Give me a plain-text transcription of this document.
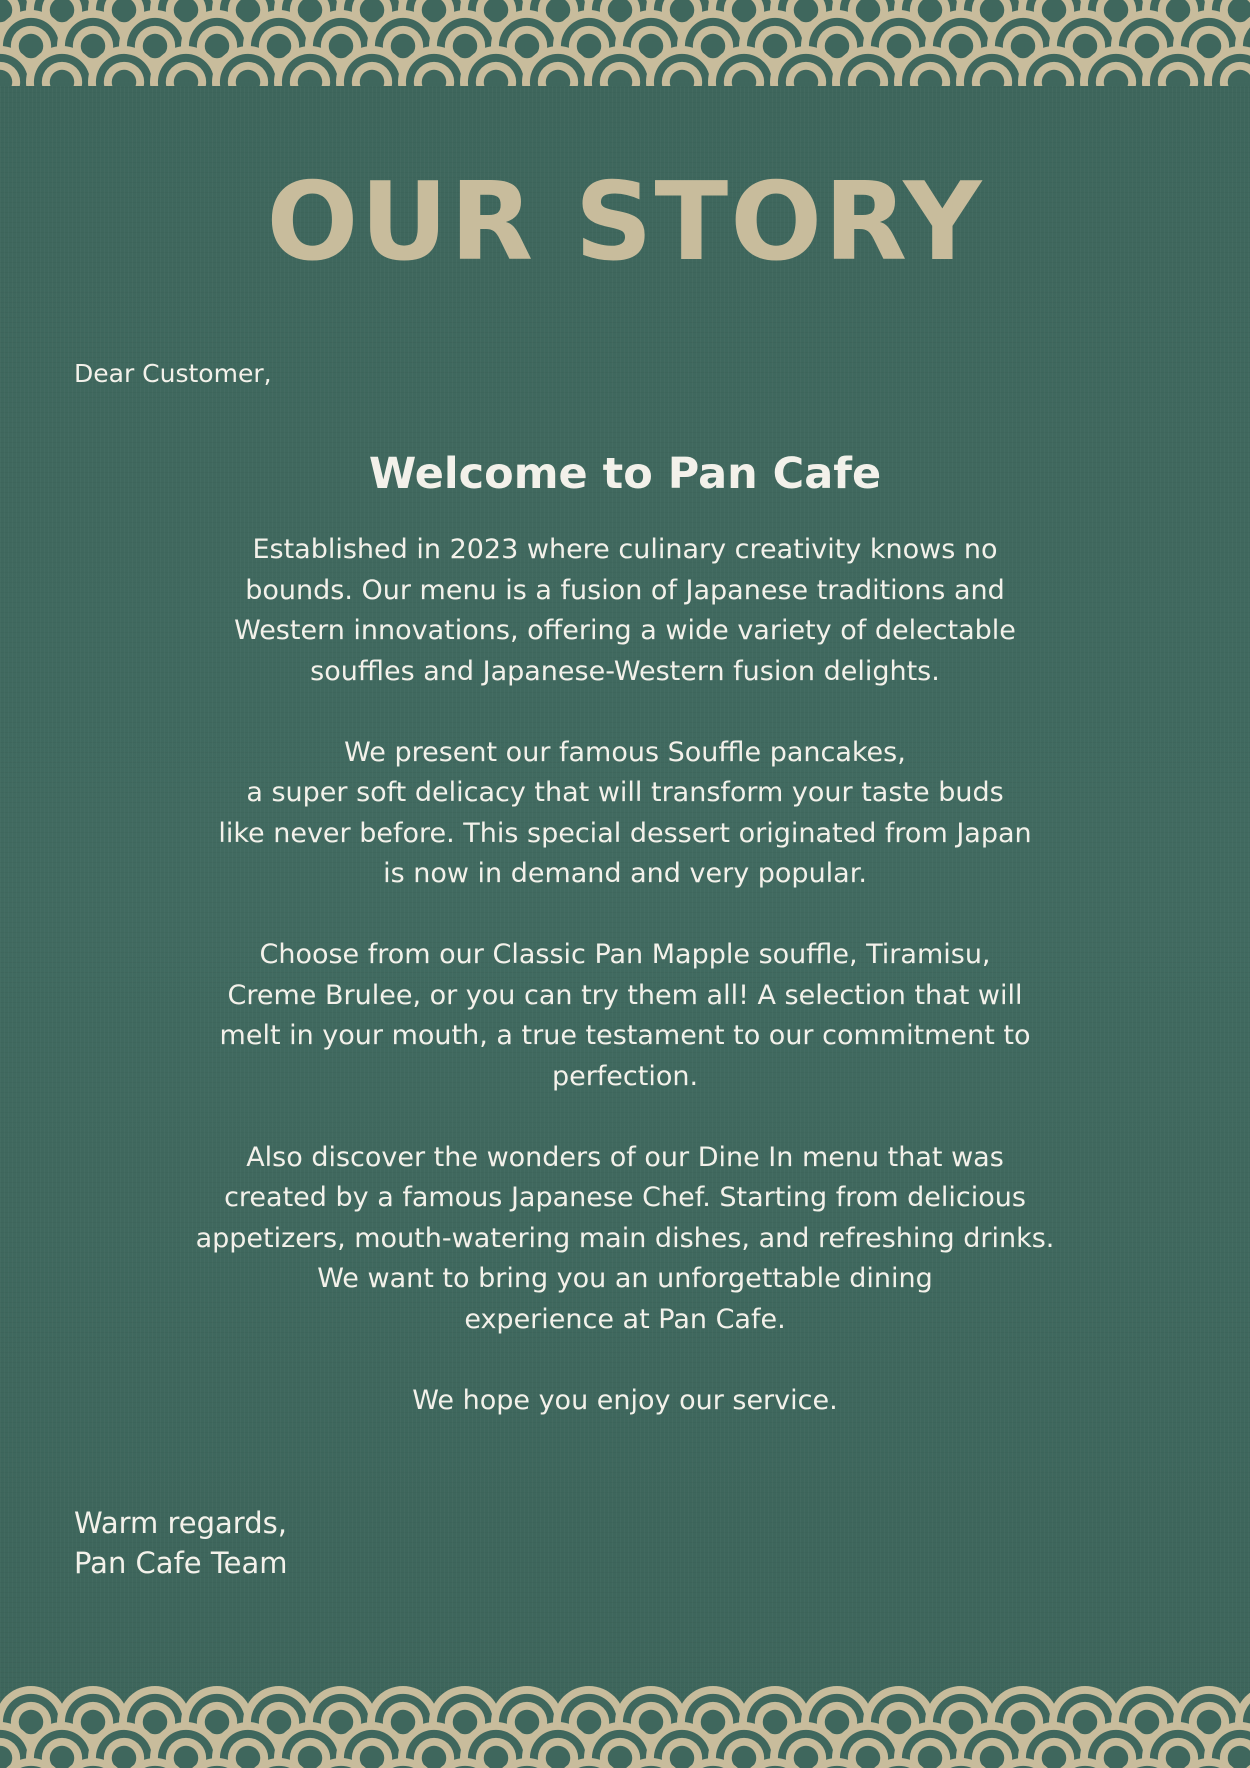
OUR STORY

Dear Customer,

Welcome to Pan Cafe

Established in 2023 where culinary creativity knows no
bounds. Our menu is a fusion of Japanese traditions and
Western innovations, offering a wide variety of delectable
souffles and Japanese-Western fusion delights.

We present our famous Souffle pancakes,
a super soft delicacy that will transform your taste buds
like never before. This special dessert originated from Japan
is now in demand and very popular.

Choose from our Classic Pan Mapple souffle, Tiramisu,
Creme Brulee, or you can try them all! A selection that will
melt in your mouth, a true testament to our commitment to
perfection.

Also discover the wonders of our Dine In menu that was
created by a famous Japanese Chef. Starting from delicious
appetizers, mouth-watering main dishes, and refreshing drinks.
We want to bring you an unforgettable dining
experience at Pan Cafe.

We hope you enjoy our service.

Warm regards,
Pan Cafe Team
